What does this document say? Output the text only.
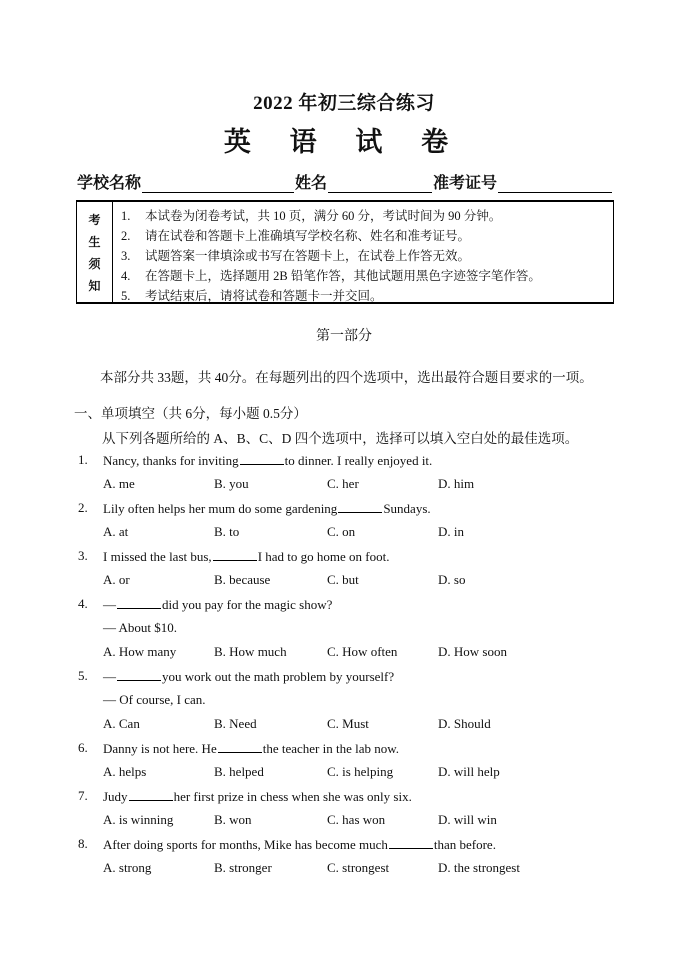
2022 年初三综合练习
英 语 试 卷
学校名称	姓名	准考证号
考
生
须
知
1. 本试卷为闭卷考试，共 10 页，满分 60 分，考试时间为 90 分钟。
2. 请在试卷和答题卡上准确填写学校名称、姓名和准考证号。
3. 试题答案一律填涂或书写在答题卡上，在试卷上作答无效。
4. 在答题卡上，选择题用 2B 铅笔作答，其他试题用黑色字迹签字笔作答。
5. 考试结束后，请将试卷和答题卡一并交回。
第一部分
本部分共 33题，共 40分。在每题列出的四个选项中，选出最符合题目要求的一项。
一、单项填空（共 6分，每小题 0.5分）
从下列各题所给的 A、B、C、D 四个选项中，选择可以填入空白处的最佳选项。
1. Nancy, thanks for inviting	to dinner. I really enjoyed it.
A. me	B. you	C. her	D. him
2. Lily often helps her mum do some gardening	Sundays.
A. at	B. to	C. on	D. in
3. I missed the last bus,	I had to go home on foot.
A. or	B. because	C. but	D. so
4. —	did you pay for the magic show?
— About $10.
A. How many	B. How much	C. How often	D. How soon
5. —	you work out the math problem by yourself?
— Of course, I can.
A. Can	B. Need	C. Must	D. Should
6. Danny is not here. He	the teacher in the lab now.
A. helps	B. helped	C. is helping	D. will help
7. Judy	her first prize in chess when she was only six.
A. is winning	B. won	C. has won	D. will win
8. After doing sports for months, Mike has become much	than before.
A. strong	B. stronger	C. strongest	D. the strongest
